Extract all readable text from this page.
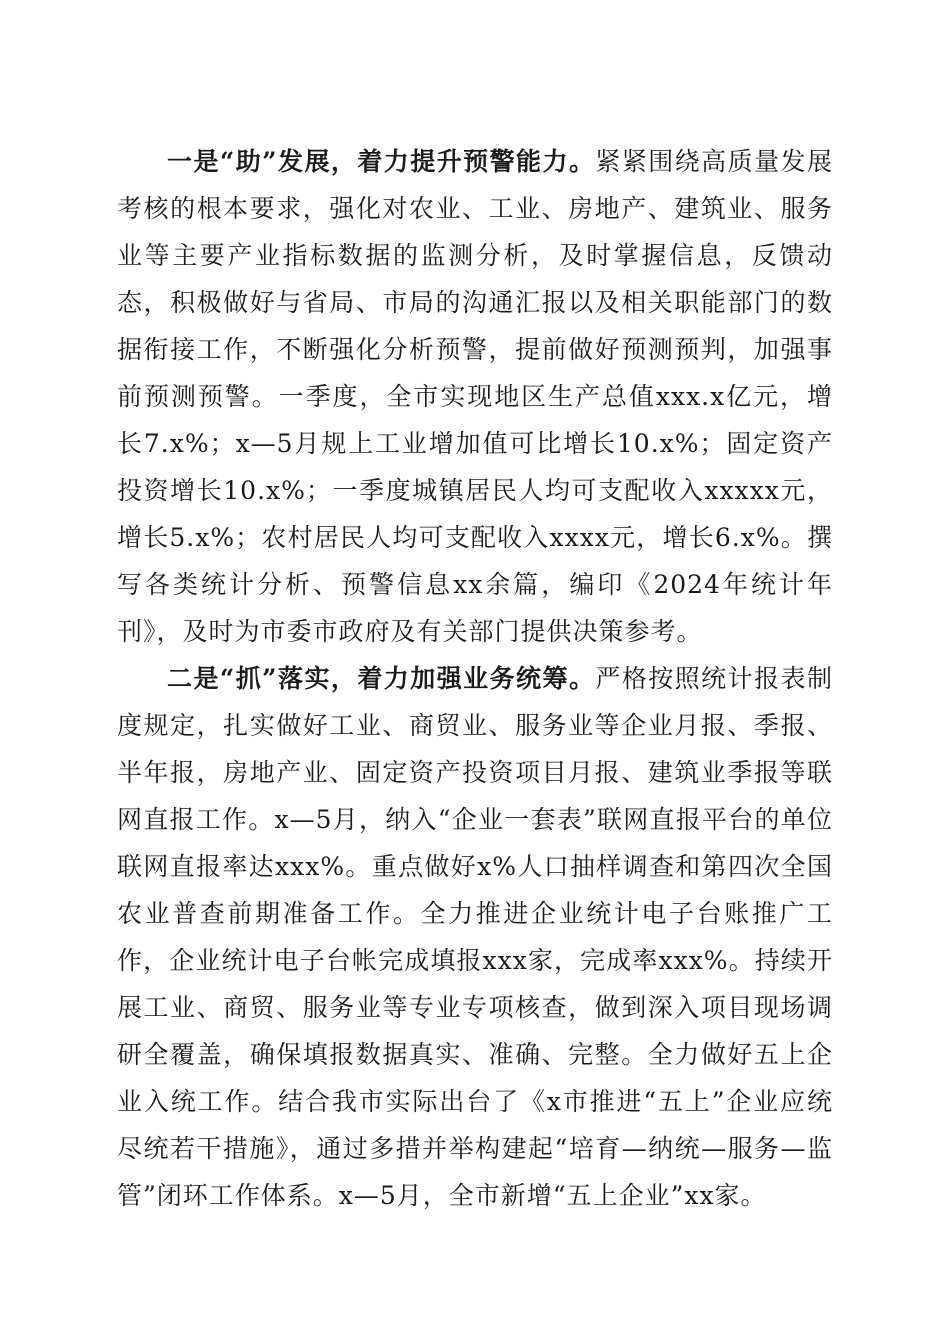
一是“助”发展，着力提升预警能力。紧紧围绕高质量发展考核的根本要求，强化对农业、工业、房地产、建筑业、服务业等主要产业指标数据的监测分析，及时掌握信息，反馈动态，积极做好与省局、市局的沟通汇报以及相关职能部门的数据衔接工作，不断强化分析预警，提前做好预测预判，加强事前预测预警。一季度，全市实现地区生产总值xxx.x亿元，增长7.x%；x—5月规上工业增加值可比增长10.x%；固定资产投资增长10.x%；一季度城镇居民人均可支配收入xxxxx元，增长5.x%；农村居民人均可支配收入xxxx元，增长6.x%。撰写各类统计分析、预警信息xx余篇，编印《2024年统计年刊》，及时为市委市政府及有关部门提供决策参考。

二是“抓”落实，着力加强业务统筹。严格按照统计报表制度规定，扎实做好工业、商贸业、服务业等企业月报、季报、半年报，房地产业、固定资产投资项目月报、建筑业季报等联网直报工作。x—5月，纳入“企业一套表”联网直报平台的单位联网直报率达xxx%。重点做好x%人口抽样调查和第四次全国农业普查前期准备工作。全力推进企业统计电子台账推广工作，企业统计电子台帐完成填报xxx家，完成率xxx%。持续开展工业、商贸、服务业等专业专项核查，做到深入项目现场调研全覆盖，确保填报数据真实、准确、完整。全力做好五上企业入统工作。结合我市实际出台了《x市推进“五上”企业应统尽统若干措施》，通过多措并举构建起“培育—纳统—服务—监管”闭环工作体系。x—5月，全市新增“五上企业”xx家。
